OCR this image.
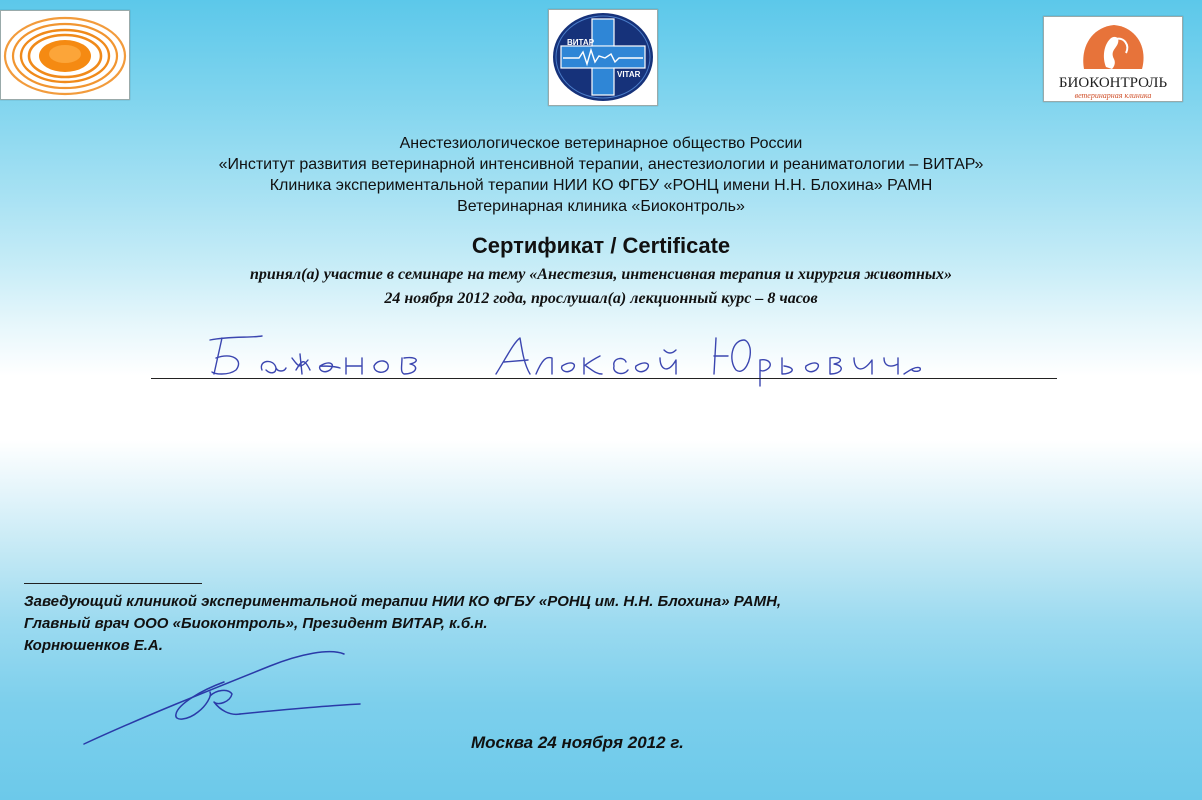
ВИТАР
VITAR
БИОКОНТРОЛЬ
ветеринарная клиника
Анестезиологическое ветеринарное общество России
«Институт развития ветеринарной интенсивной терапии, анестезиологии и реаниматологии – ВИТАР»
Клиника экспериментальной терапии НИИ КО ФГБУ «РОНЦ имени Н.Н. Блохина» РАМН
Ветеринарная клиника «Биоконтроль»
Сертификат / Certificate
принял(а) участие в семинаре на тему «Анестезия, интенсивная терапия и хирургия животных»
24 ноября 2012 года, прослушал(а) лекционный курс – 8 часов
Заведующий клиникой экспериментальной терапии НИИ КО ФГБУ «РОНЦ им. Н.Н. Блохина» РАМН,
Главный врач ООО «Биоконтроль», Президент ВИТАР, к.б.н.
Корнюшенков Е.А.
Москва 24 ноября 2012 г.
